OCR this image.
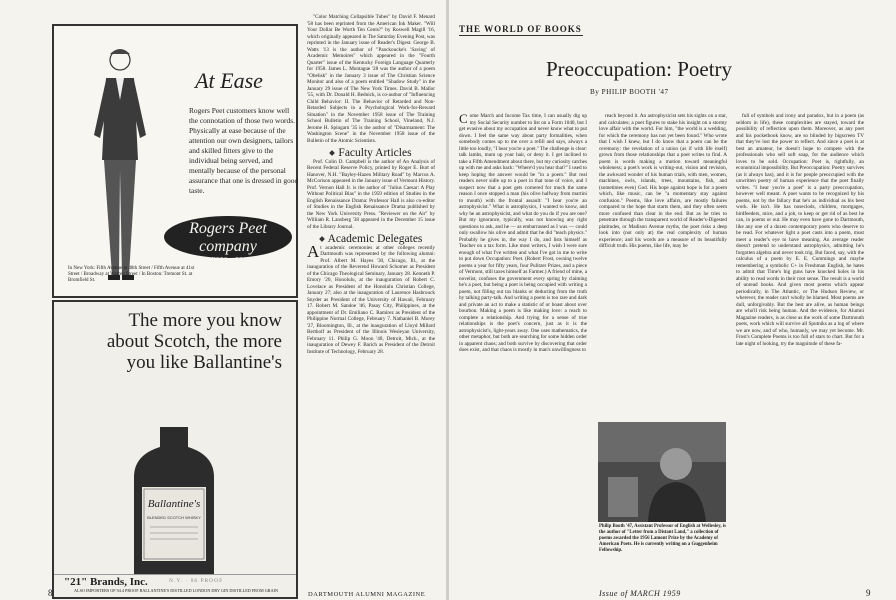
At Ease
Rogers Peet customers know well the connotation of those two words. Physically at ease because of the attention our own designers, tailors and skilled fitters give to the individual being served, and mentally because of the personal assurance that one is dressed in good taste.
Rogers Peet company
NEW YORK · BOSTON
In New York: Fifth Avenue at 48th Street / Fifth Avenue at 41st Street / Broadway at Warren Street / In Boston: Tremont St. at Bromfield St.
The more you know about Scotch, the more you like Ballantine's
Ballantine's
BLENDED SCOTCH WHISKY
"21" Brands, Inc.	N.Y. · 86 PROOF
ALSO IMPORTERS OF 94.4 PROOF BALLANTINE'S DISTILLED LONDON DRY GIN DISTILLED FROM GRAIN

"Color Matching Collapsible Tubes" by David F. Menard '58 has been reprinted from the American Ink Maker. "Will Your Dollar Be Worth Ten Cents?" by Roswell Magill '16, which originally appeared in The Saturday Evening Post, was reprinted in the January issue of Reader's Digest. George B. Watts '13 is the author of "Panckoucke's 'Saving' of Academic Memoires" which appeared in the "Fourth Quarter" issue of the Kentucky Foreign Language Quarterly for 1958. James L. Montague '28 was the author of a poem "Obelisk" in the January 3 issue of The Christian Science Monitor and also of a poem entitled "Shadow Study" in the January 29 issue of The New York Times. David B. Mallor '55, with Dr. Donald H. Bednick, is co-author of "Influencing Child Behavior: II. The Behavior of Retarded and Non-Retarded Subjects in a Psychological Work-for-Reward Situation" in the November 1958 issue of The Training School Bulletin of The Training School, Vineland, N.J. Jerome H. Spingarn '35 is the author of "Disarmament: The Washington Scene" in the November 1958 issue of the Bulletin of the Atomic Scientists.

Faculty Articles

Prof. Colin D. Campbell is the author of An Analysis of Recent Federal Reserve Policy, printed by Roger E. Burt of Hanover, N.H. "Bayley-Hazen Military Road" by Marcus A. McCorison appeared in the January issue of Vermont History. Prof. Vernon Hall Jr. is the author of "Julius Caesar: A Play Without Political Bias" in the 1959 edition of Studies in the English Renaissance Drama: Professor Hall is also co-editor of Studies in the English Renaissance Drama published by the New York University Press. "Reviewer on the Air" by William R. Lansberg '38 appeared in the December 15 issue of the Library Journal.

Academic Delegates

At academic ceremonies at other colleges recently Dartmouth was represented by the following alumni: Prof. Albert M. Hayes '30, Chicago, Ill., at the inauguration of the Reverend Howard Schomer as President of the Chicago Theological Seminary, January 28. Kenneth P. Emory '20, Honolulu, at the inauguration of Robert C. Lovelace as President of the Honolulu Christian College, January 27; also at the inauguration of Laurence Hasbrouck Snyder as President of the University of Hawaii, February 17. Robert M. Sandoe '46, Pasay City, Philippines, at the appointment of Dr. Emiliano C. Ramirez as President of the Philippine Normal College, February 7. Nathaniel B. Morey '27, Bloomington, Ill., at the inauguration of Lloyd Millard Bertholf as President of the Illinois Wesleyan University, February 11. Philip G. Moon '48, Detroit, Mich., at the inauguration of Dewey F. Barich as President of the Detroit Institute of Technology, February 28.

8	DARTMOUTH ALUMNI MAGAZINE
THE WORLD OF BOOKS
Preoccupation: Poetry
By PHILIP BOOTH '47

Come March and Income Tax time, I can usually dig up my Social Security number to list on a Form 1040, but I get evasive about my occupation and never know what to put down. I feel the same way about party formalities, when somebody comes up to me over a refill and says, always a little too loudly, "I hear you're a poet." The challenge is clear: talk lambs, mum up your hair, or deny it. I get inclined to take a Fifth Amendment about there, but my curiosity catches up with me and asks back: "Where'd you hear that?" I used to keep hoping the answer would be "in a poem." But real readers never sidle up to a poet in that tone of voice, and I suspect now that a poet gets cornered for much the same reason I once stopped a man (his olive halfway from martini to mouth) with the frontal assault: "I hear you're an astrophysicist." What is astrophysics, I wanted to know, and why he an astrophysicist, and what do you do if you are one? But my ignorance, typically, was not knowing any right questions to ask, and he — as embarrassed as I was — could only swallow his olive and admit that he did "teach physics." Probably he gives in, the way I do, and lists himself as Teacher on a tax form. Like most writers, I wish I were sure enough of what I've written and what I've got in me to write to put down Occupation: Poet. (Robert Frost, owning twelve poems a year for fifty years, four Pulitzer Prizes, and a piece of Vermont, still taxes himself as Farmer.) A friend of mine, a novelist, confuses the government every spring by claiming he's a poet, but being a poet is being occupied with writing a poem, not filling out tax blanks or deducting from the truth by talking party-talk. And writing a poem is too rare and dark and private an act to make a statistic of or boast about over bourbon. Making a poem is like making love: a reach to complete a relationship. And trying for a sense of true relationships is the poet's concern, just as it is the astrophysicist's, light-years away. One uses mathematics, the other metaphor, but both are searching for some hidden order in apparent chaos; and both survive by discovering that order does exist, and that chaos is mostly in man's unwillingness to

reach beyond it. An astrophysicist sets his sights on a star, and calculates; a poet figures to stake his insight on a stormy love affair with the world. For him, "the world is a wedding, for which the ceremony has not yet been found." Who wrote that I wish I knew, but I do know that a poem can be the ceremony: the revelation of a union (as if with life itself) grown from those relationships that a poet writes to find. A poem is words making a motion toward meaningful wholeness; a poet's work is writing-out, vision and revision, the awkward wonder of his human trials, with men, women, machines, owls, islands, trees, mountains, fish, and (sometimes even) God. His hope against hope is for a poem which, like music, can be "a momentary stay against confusion." Poems, like love affairs, are mostly failures compared to the hope that starts them, and they often seem more confused than clear in the end. But as he tries to penetrate through the transparent world of Reader's-Digested platitudes, or Madison Avenue myths, the poet risks a deep look into (not only at) the real complexity of human experience; and his words are a measure of its beautifully difficult truth. His poems, like life, may be

Philip Booth '47, Assistant Professor of English at Wellesley, is the author of "Letter from a Distant Land," a collection of poems awarded the 1956 Lamont Prize by the Academy of American Poets. He is currently writing on a Guggenheim Fellowship.

full of symbols and irony and paradox, but in a poem (as seldom in life), these complexities are stayed, toward the possibility of reflection upon them. Moreover, as any poet and his pocketbook know, are so blinded by bigscreen TV that they've lost the power to reflect. And since a poet is at best an amateur, he doesn't hope to compete with the professionals who sell soft soap, for the audience which loves to be sold. Occupation: Poet is, rightfully, an economical impossibility. But Preoccupation: Poetry survives (as it always has), and it is for people preoccupied with the unwritten poetry of human experience that the poet finally writes. "I hear you're a poet" is a party preoccupation, however well meant. A poet wants to be recognized by his poems, not by the fallacy that he's as individual as his best work. He isn't. He has noseclods, children, mortgages, birdfeeders, mice, and a job, to keep or get rid of as best he can, in poems or out. He may even have gone to Dartmouth, like any one of a dozen contemporary poets who deserve to be read. For whatever light a poet casts into a poem, must meet a reader's eye to have meaning. An average reader doesn't pretend to understand astrophysics, admitting he's forgotten algebra and never took trig. But faced, say, with the calculus of a poem by E. E. Cummings and maybe remembering a symbolic C+ in Freshman English, he hates to admit that Time's big guns have knocked holes in his ability to read words in their root sense. The result is a world of unread books. And given most poems which appear periodically, in The Atlantic, or The Hudson Review, or wherever, the reader can't wholly be blamed. Most poems are dull, unforgivably. But the best are alive, as human beings are who'll risk being human. And the evidence, for Alumni Magazine readers, is as close as the work of some Dartmouth poets, work which will survive all Sputniks as a log of where we are now, and of who, humanly, we may yet become. Mr. Frost's Complete Poems is too full of stars to chart. But for a late night of looking, try the magnitude of these fa-

Issue of MARCH 1959	9
